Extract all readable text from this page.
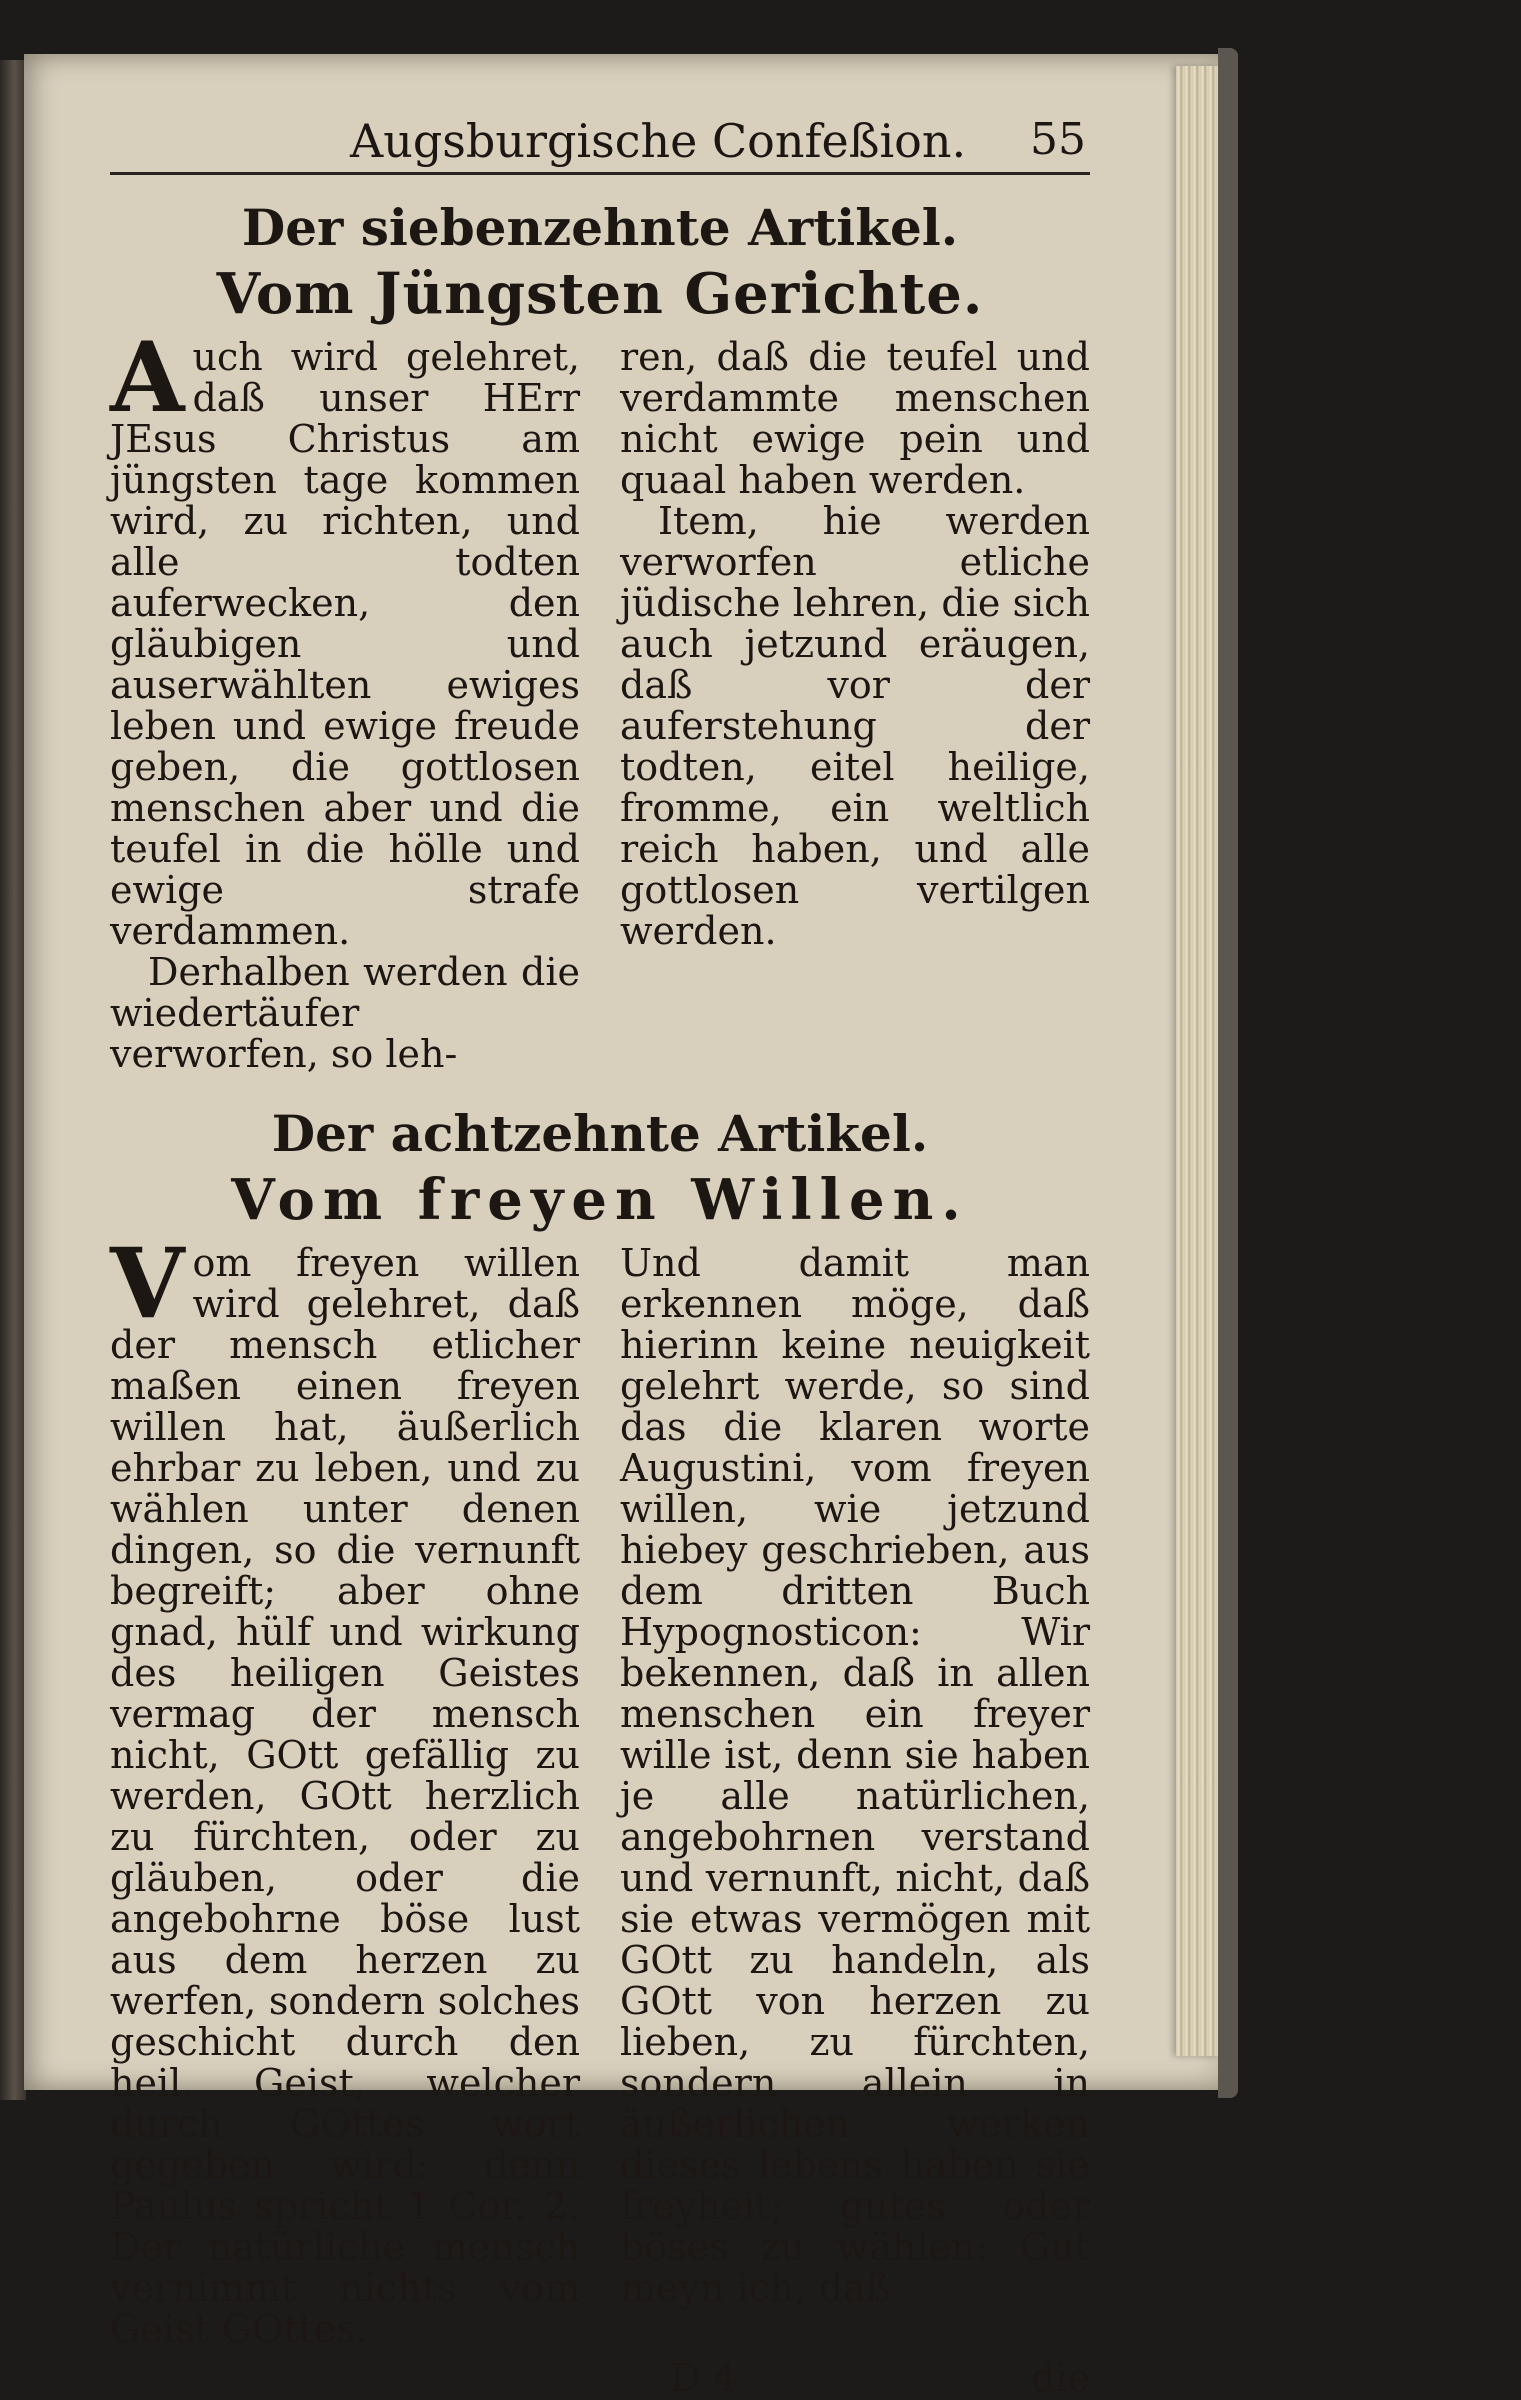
Augsburgische Confeßion. 55
Der siebenzehnte Artikel.
Vom Jüngsten Gerichte.

Auch wird gelehret, daß unser HErr JEsus Christus am jüngsten tage kommen wird, zu richten, und alle todten auferwecken, den gläubigen und auserwählten ewiges leben und ewige freude geben, die gottlosen menschen aber und die teufel in die hölle und ewige strafe verdammen.

Derhalben werden die wiedertäufer verworfen, so leh-

ren, daß die teufel und verdammte menschen nicht ewige pein und quaal haben werden.

Item, hie werden verworfen etliche jüdische lehren, die sich auch jetzund eräugen, daß vor der auferstehung der todten, eitel heilige, fromme, ein weltlich reich haben, und alle gottlosen vertilgen werden.

Der achtzehnte Artikel.
Vom freyen Willen.

Vom freyen willen wird gelehret, daß der mensch etlicher maßen einen freyen willen hat, äußerlich ehrbar zu leben, und zu wählen unter denen dingen, so die vernunft begreift; aber ohne gnad, hülf und wirkung des heiligen Geistes vermag der mensch nicht, GOtt gefällig zu werden, GOtt herzlich zu fürchten, oder zu gläuben, oder die angebohrne böse lust aus dem herzen zu werfen, sondern solches geschicht durch den heil. Geist, welcher durch GOttes wort gegeben wird: denn Paulus spricht 1 Cor. 2. Der natürliche mensch vernimmt nichts vom Geist GOttes.

Und damit man erkennen möge, daß hierinn keine neuigkeit gelehrt werde, so sind das die klaren worte Augustini, vom freyen willen, wie jetzund hiebey geschrieben, aus dem dritten Buch Hypognosticon: Wir bekennen, daß in allen menschen ein freyer wille ist, denn sie haben je alle natürlichen, angebohrnen verstand und vernunft, nicht, daß sie etwas vermögen mit GOtt zu handeln, als GOtt von herzen zu lieben, zu fürchten, sondern allein in äußerlichen werken dieses lebens haben sie freyheit; gutes oder böses zu wählen: Gut meyn ich, daß

D 4	die
